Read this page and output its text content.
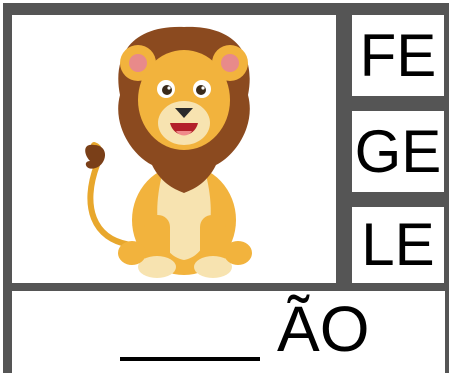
FE
GE
LE
ÃO
